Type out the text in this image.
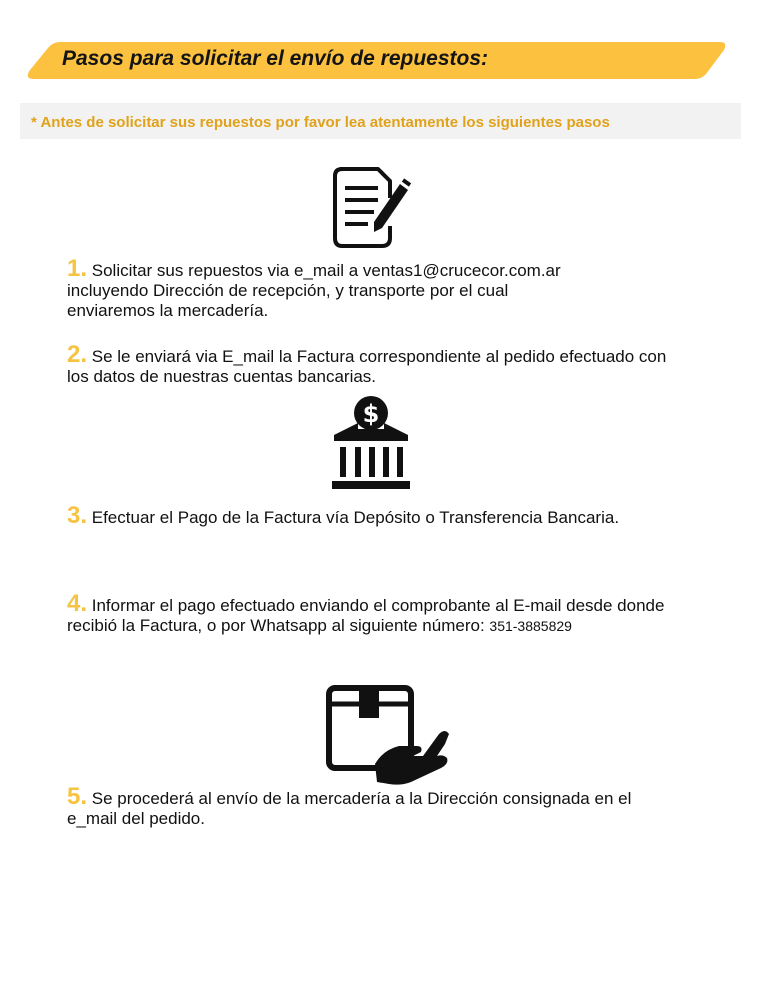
Pasos para solicitar el envío de repuestos:
* Antes de solicitar sus repuestos por favor lea atentamente los siguientes pasos
1. Solicitar sus repuestos via e_mail a ventas1@crucecor.com.ar
incluyendo Dirección de recepción, y transporte por el cual
enviaremos la mercadería.
2. Se le enviará via E_mail la Factura correspondiente al pedido efectuado con
los datos de nuestras cuentas bancarias.
$
3. Efectuar el Pago de la Factura vía Depósito o Transferencia Bancaria.
4. Informar el pago efectuado enviando el comprobante al E-mail desde donde
recibió la Factura, o por Whatsapp al siguiente número: 351-3885829
5. Se procederá al envío de la mercadería a la Dirección consignada en el
e_mail del pedido.
